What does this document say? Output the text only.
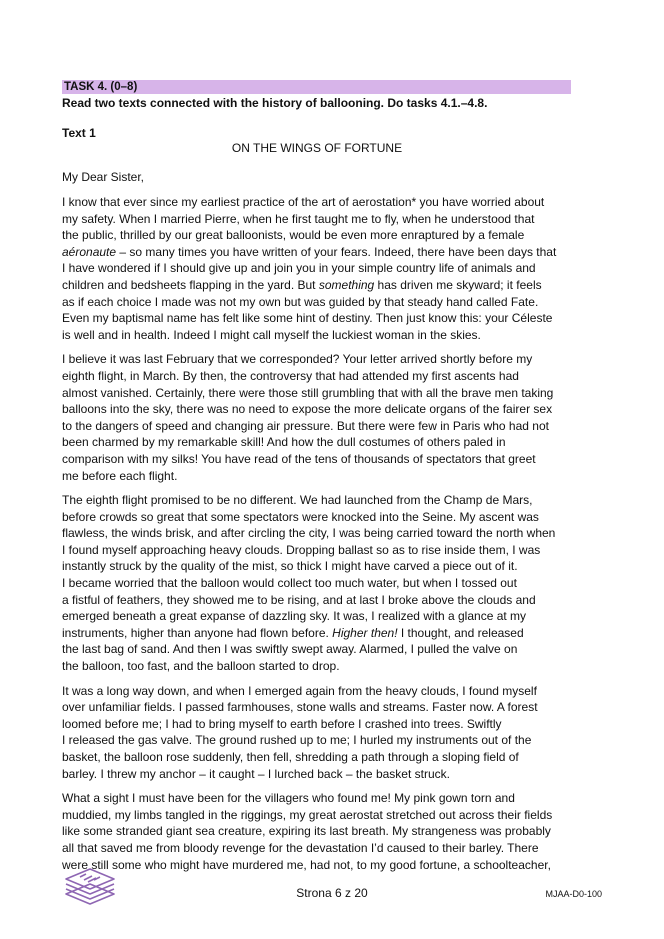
TASK 4. (0–8)
Read two texts connected with the history of ballooning. Do tasks 4.1.–4.8.
Text 1
ON THE WINGS OF FORTUNE
My Dear Sister,
I know that ever since my earliest practice of the art of aerostation* you have worried about
my safety. When I married Pierre, when he first taught me to fly, when he understood that
the public, thrilled by our great balloonists, would be even more enraptured by a female
aéronaute – so many times you have written of your fears. Indeed, there have been days that
I have wondered if I should give up and join you in your simple country life of animals and
children and bedsheets flapping in the yard. But something has driven me skyward; it feels
as if each choice I made was not my own but was guided by that steady hand called Fate.
Even my baptismal name has felt like some hint of destiny. Then just know this: your Céleste
is well and in health. Indeed I might call myself the luckiest woman in the skies.
I believe it was last February that we corresponded? Your letter arrived shortly before my
eighth flight, in March. By then, the controversy that had attended my first ascents had
almost vanished. Certainly, there were those still grumbling that with all the brave men taking
balloons into the sky, there was no need to expose the more delicate organs of the fairer sex
to the dangers of speed and changing air pressure. But there were few in Paris who had not
been charmed by my remarkable skill! And how the dull costumes of others paled in
comparison with my silks! You have read of the tens of thousands of spectators that greet
me before each flight.
The eighth flight promised to be no different. We had launched from the Champ de Mars,
before crowds so great that some spectators were knocked into the Seine. My ascent was
flawless, the winds brisk, and after circling the city, I was being carried toward the north when
I found myself approaching heavy clouds. Dropping ballast so as to rise inside them, I was
instantly struck by the quality of the mist, so thick I might have carved a piece out of it.
I became worried that the balloon would collect too much water, but when I tossed out
a fistful of feathers, they showed me to be rising, and at last I broke above the clouds and
emerged beneath a great expanse of dazzling sky. It was, I realized with a glance at my
instruments, higher than anyone had flown before. Higher then! I thought, and released
the last bag of sand. And then I was swiftly swept away. Alarmed, I pulled the valve on
the balloon, too fast, and the balloon started to drop.
It was a long way down, and when I emerged again from the heavy clouds, I found myself
over unfamiliar fields. I passed farmhouses, stone walls and streams. Faster now. A forest
loomed before me; I had to bring myself to earth before I crashed into trees. Swiftly
I released the gas valve. The ground rushed up to me; I hurled my instruments out of the
basket, the balloon rose suddenly, then fell, shredding a path through a sloping field of
barley. I threw my anchor – it caught – I lurched back – the basket struck.
What a sight I must have been for the villagers who found me! My pink gown torn and
muddied, my limbs tangled in the riggings, my great aerostat stretched out across their fields
like some stranded giant sea creature, expiring its last breath. My strangeness was probably
all that saved me from bloody revenge for the devastation I’d caused to their barley. There
were still some who might have murdered me, had not, to my good fortune, a schoolteacher,
Strona 6 z 20	MJAA-D0-100
